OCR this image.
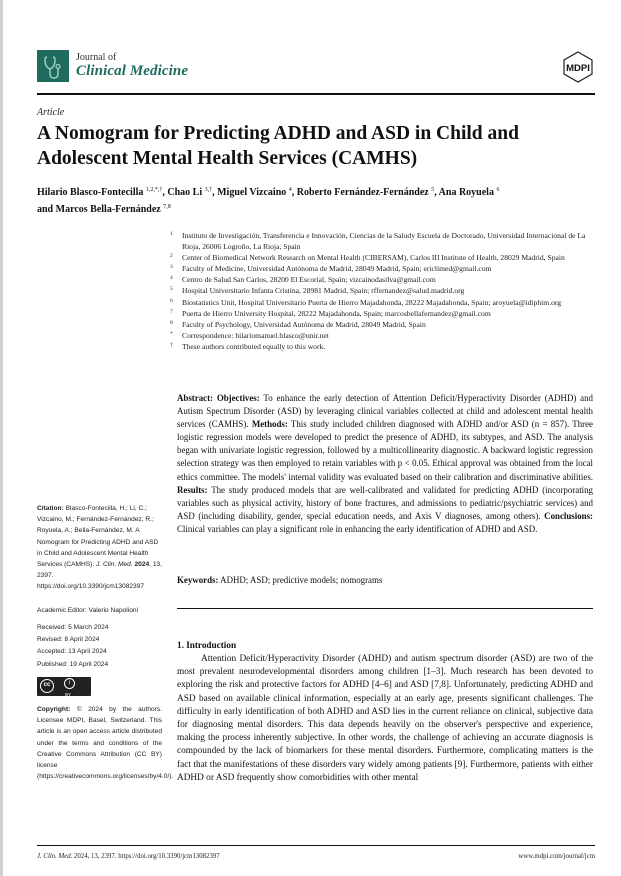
Journal of
Clinical Medicine	MDPI
Article
A Nomogram for Predicting ADHD and ASD in Child and Adolescent Mental Health Services (CAMHS)
Hilario Blasco-Fontecilla $^{1,2,*,\dagger}$, Chao Li $^{3,\dagger}$, Miguel Vizcaino $^4$, Roberto Fernández-Fernández $^5$, Ana Royuela $^6$
and Marcos Bella-Fernández $^{7,8}$
1 Instituto de Investigación, Transferencia e Innovación, Ciencias de la Saludy Escuela de Doctorado, Universidad Internacional de La Rioja, 26006 Logroño, La Rioja, Spain
2 Center of Biomedical Network Research on Mental Health (CIBERSAM), Carlos III Institute of Health, 28029 Madrid, Spain
3 Faculty of Medicine, Universidad Autónoma de Madrid, 28049 Madrid, Spain; ericlimed@gmail.com
4 Centro de Salud San Carlos, 28200 El Escorial, Spain; vizcainodasilva@gmail.com
5 Hospital Universitario Infanta Cristina, 28981 Madrid, Spain; rffernandez@salud.madrid.org
6 Biostatistics Unit, Hospital Universitario Puerta de Hierro Majadahonda, 28222 Majadahonda, Spain; aroyuela@idiphim.org
7 Puerta de Hierro University Hospital, 28222 Majadahonda, Spain; marcosbellafernandez@gmail.com
8 Faculty of Psychology, Universidad Autónoma de Madrid, 28049 Madrid, Spain
* Correspondence: hilariomanuel.blasco@unir.net
† These authors contributed equally to this work.
Abstract: Objectives: To enhance the early detection of Attention Deficit/Hyperactivity Disorder (ADHD) and Autism Spectrum Disorder (ASD) by leveraging clinical variables collected at child and adolescent mental health services (CAMHS). Methods: This study included children diagnosed with ADHD and/or ASD (n = 857). Three logistic regression models were developed to predict the presence of ADHD, its subtypes, and ASD. The analysis began with univariate logistic regression, followed by a multicollinearity diagnostic. A backward logistic regression selection strategy was then employed to retain variables with p < 0.05. Ethical approval was obtained from the local ethics committee. The models' internal validity was evaluated based on their calibration and discriminative abilities. Results: The study produced models that are well-calibrated and validated for predicting ADHD (incorporating variables such as physical activity, history of bone fractures, and admissions to pediatric/psychiatric services) and ASD (including disability, gender, special education needs, and Axis V diagnoses, among others). Conclusions: Clinical variables can play a significant role in enhancing the early identification of ADHD and ASD.
Keywords: ADHD; ASD; predictive models; nomograms
Citation: Blasco-Fontecilla, H.; Li, C.; Vizcaino, M.; Fernández-Fernández, R.; Royuela, A.; Bella-Fernández, M. A Nomogram for Predicting ADHD and ASD in Child and Adolescent Mental Health Services (CAMHS). J. Clin. Med. 2024, 13, 2397. https://doi.org/10.3390/jcm13082397
Academic Editor: Valerio Napolioni
Received: 5 March 2024
Revised: 8 April 2024
Accepted: 13 April 2024
Published: 19 April 2024
cc	i
BY
Copyright: © 2024 by the authors. Licensee MDPI, Basel, Switzerland. This article is an open access article distributed under the terms and conditions of the Creative Commons Attribution (CC BY) license (https://creativecommons.org/licenses/by/4.0/).
1. Introduction
Attention Deficit/Hyperactivity Disorder (ADHD) and autism spectrum disorder (ASD) are two of the most prevalent neurodevelopmental disorders among children [1–3]. Much research has been devoted to exploring the risk and protective factors for ADHD [4–6] and ASD [7,8]. Unfortunately, predicting ADHD and ASD based on available clinical information, especially at an early age, presents significant challenges. The difficulty in early identification of both ADHD and ASD lies in the current reliance on clinical, subjective data for diagnosing mental disorders. This data depends heavily on the observer's perspective and experience, making the process inherently subjective. In other words, the challenge of achieving an accurate diagnosis is compounded by the lack of biomarkers for these mental disorders. Furthermore, complicating matters is the fact that the manifestations of these disorders vary widely among patients [9]. Furthermore, patients with either ADHD or ASD frequently show comorbidities with other mental
J. Clin. Med. 2024, 13, 2397. https://doi.org/10.3390/jcm13082397	www.mdpi.com/journal/jcm
